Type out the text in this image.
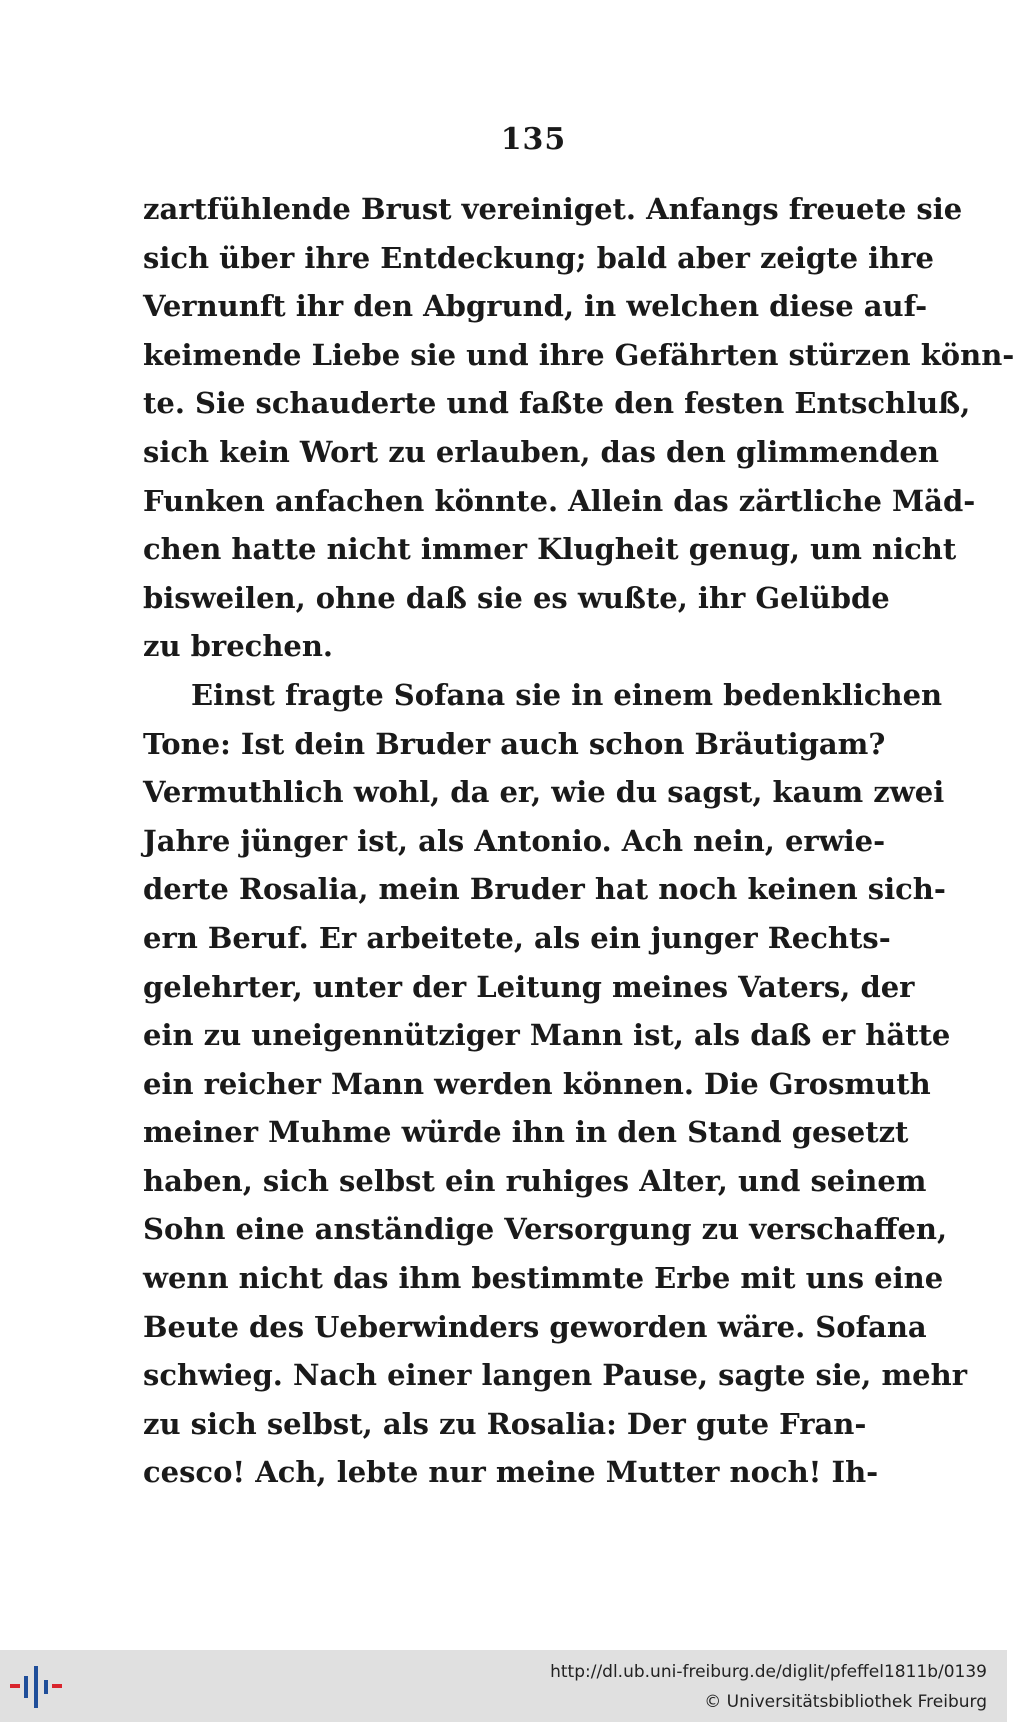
135
zartfühlende Brust vereiniget. Anfangs freuete sie
sich über ihre Entdeckung; bald aber zeigte ihre
Vernunft ihr den Abgrund, in welchen diese auf-
keimende Liebe sie und ihre Gefährten stürzen könn-
te. Sie schauderte und faßte den festen Entschluß,
sich kein Wort zu erlauben, das den glimmenden
Funken anfachen könnte. Allein das zärtliche Mäd-
chen hatte nicht immer Klugheit genug, um nicht
bisweilen, ohne daß sie es wußte, ihr Gelübde
zu brechen.
Einst fragte Sofana sie in einem bedenklichen
Tone: Ist dein Bruder auch schon Bräutigam?
Vermuthlich wohl, da er, wie du sagst, kaum zwei
Jahre jünger ist, als Antonio. Ach nein, erwie-
derte Rosalia, mein Bruder hat noch keinen sich-
ern Beruf. Er arbeitete, als ein junger Rechts-
gelehrter, unter der Leitung meines Vaters, der
ein zu uneigennütziger Mann ist, als daß er hätte
ein reicher Mann werden können. Die Grosmuth
meiner Muhme würde ihn in den Stand gesetzt
haben, sich selbst ein ruhiges Alter, und seinem
Sohn eine anständige Versorgung zu verschaffen,
wenn nicht das ihm bestimmte Erbe mit uns eine
Beute des Ueberwinders geworden wäre. Sofana
schwieg. Nach einer langen Pause, sagte sie, mehr
zu sich selbst, als zu Rosalia: Der gute Fran-
cesco! Ach, lebte nur meine Mutter noch! Ih-
http://dl.ub.uni-freiburg.de/diglit/pfeffel1811b/0139
© Universitätsbibliothek Freiburg
